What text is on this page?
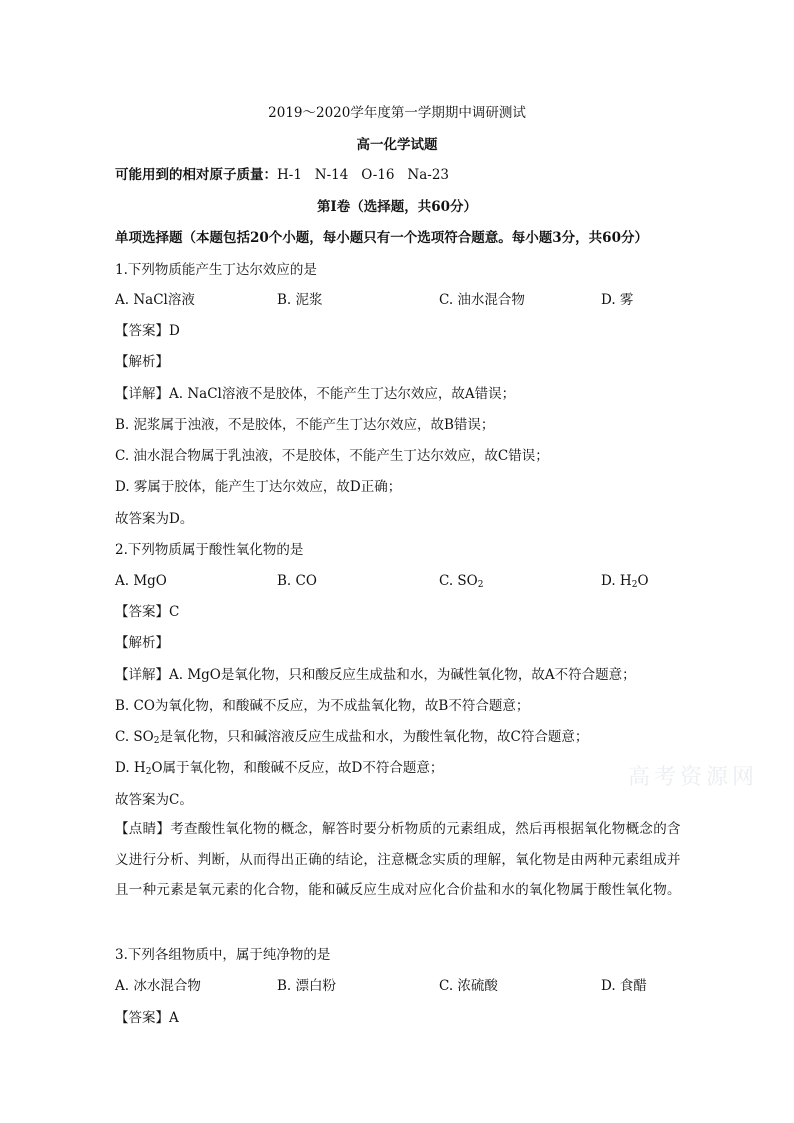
2019～2020学年度第一学期期中调研测试
高一化学试题
可能用到的相对原子质量：H-1   N-14   O-16   Na-23
第Ⅰ卷（选择题，共60分）
单项选择题（本题包括20个小题，每小题只有一个选项符合题意。每小题3分，共60分）
1.下列物质能产生丁达尔效应的是
A. NaCl溶液	B. 泥浆	C. 油水混合物	D. 雾
【答案】D
【解析】
【详解】A. NaCl溶液不是胶体，不能产生丁达尔效应，故A错误；
B. 泥浆属于浊液，不是胶体，不能产生丁达尔效应，故B错误；
C. 油水混合物属于乳浊液，不是胶体，不能产生丁达尔效应，故C错误；
D. 雾属于胶体，能产生丁达尔效应，故D正确；
故答案为D。
2.下列物质属于酸性氧化物的是
A. MgO	B. CO	C. $SO_2$	D. $H_2O$
【答案】C
【解析】
【详解】A. MgO是氧化物，只和酸反应生成盐和水，为碱性氧化物，故A不符合题意；
B. CO为氧化物，和酸碱不反应，为不成盐氧化物，故B不符合题意；
C. $SO_2$是氧化物，只和碱溶液反应生成盐和水，为酸性氧化物，故C符合题意；
D. $H_2O$属于氧化物，和酸碱不反应，故D不符合题意；
故答案为C。
【点睛】考查酸性氧化物的概念，解答时要分析物质的元素组成，然后再根据氧化物概念的含义进行分析、判断，从而得出正确的结论，注意概念实质的理解，氧化物是由两种元素组成并且一种元素是氧元素的化合物，能和碱反应生成对应化合价盐和水的氧化物属于酸性氧化物。
3.下列各组物质中，属于纯净物的是
A. 冰水混合物	B. 漂白粉	C. 浓硫酸	D. 食醋
【答案】A
高考资源网
